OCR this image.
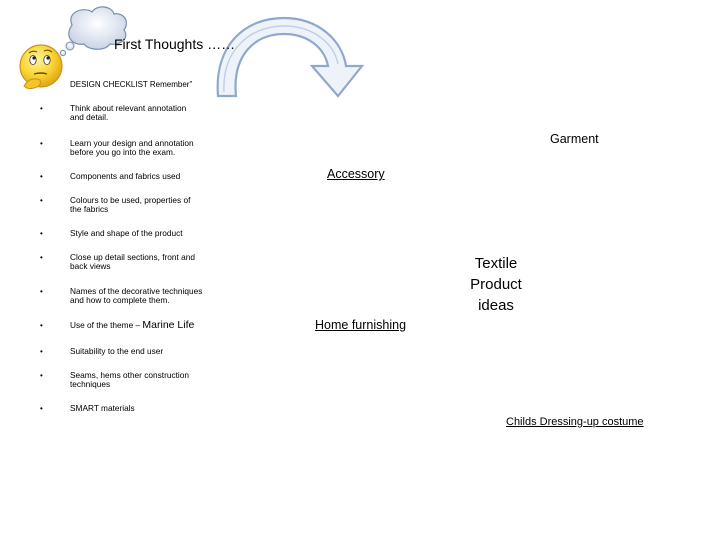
First Thoughts ……
DESIGN CHECKLIST Remember”
•	Think about relevant annotation
and detail.
•	Learn your design and annotation
before you go into the exam.
•	Components and fabrics used
•	Colours to be used, properties of
the fabrics
•	Style and shape of the product
•	Close up detail sections, front and
back views
•	Names of the decorative techniques
and how to complete them.
•	Use of the theme – Marine Life
•	Suitability to the end user
•	Seams, hems other construction
techniques
•	SMART materials
Garment
Accessory
Textile
Product
ideas
Home furnishing
Childs Dressing-up costume
